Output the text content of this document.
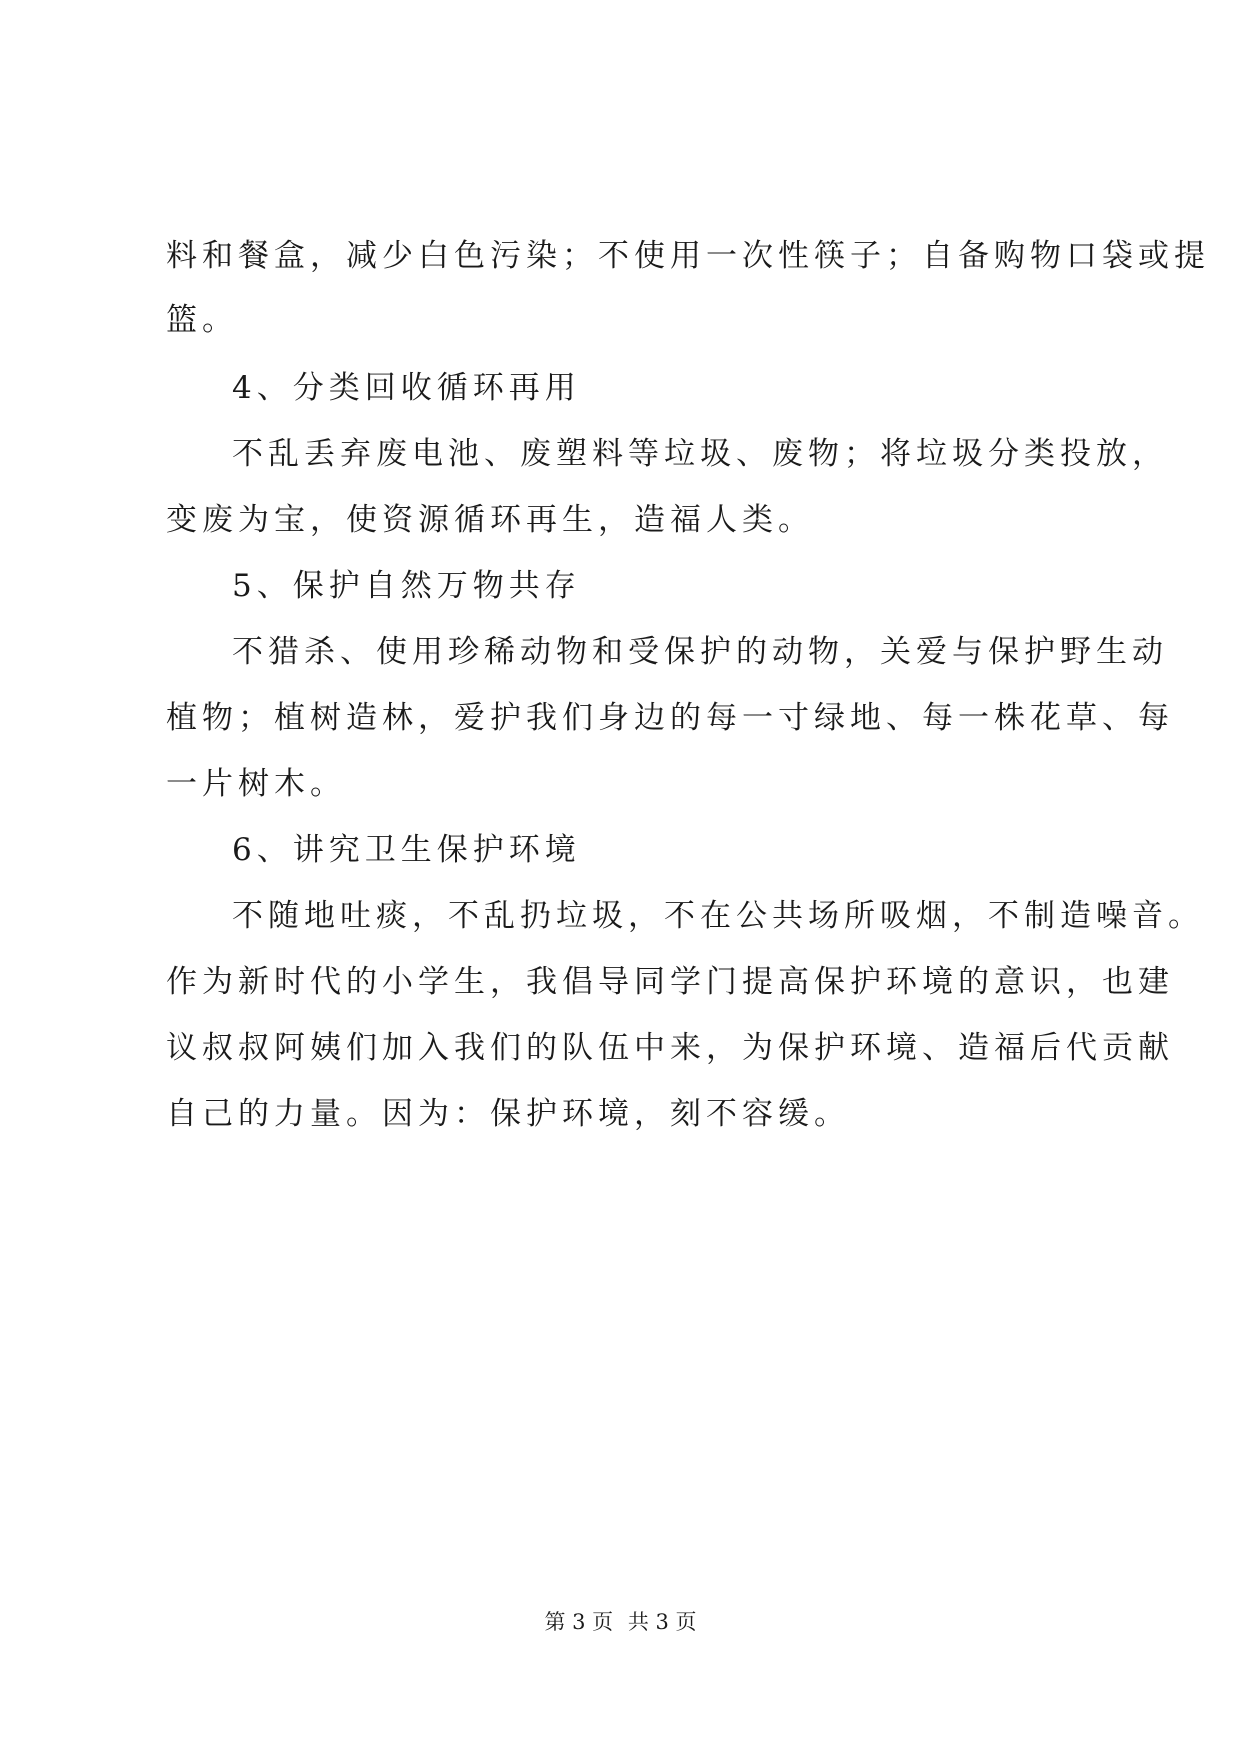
料和餐盒，减少白色污染；不使用一次性筷子；自备购物口袋或提
篮。
4、分类回收循环再用
不乱丢弃废电池、废塑料等垃圾、废物；将垃圾分类投放，
变废为宝，使资源循环再生，造福人类。
5、保护自然万物共存
不猎杀、使用珍稀动物和受保护的动物，关爱与保护野生动
植物；植树造林，爱护我们身边的每一寸绿地、每一株花草、每
一片树木。
6、讲究卫生保护环境
不随地吐痰，不乱扔垃圾，不在公共场所吸烟，不制造噪音。
作为新时代的小学生，我倡导同学门提高保护环境的意识，也建
议叔叔阿姨们加入我们的队伍中来，为保护环境、造福后代贡献
自己的力量。因为：保护环境，刻不容缓。
第 3 页 共 3 页
